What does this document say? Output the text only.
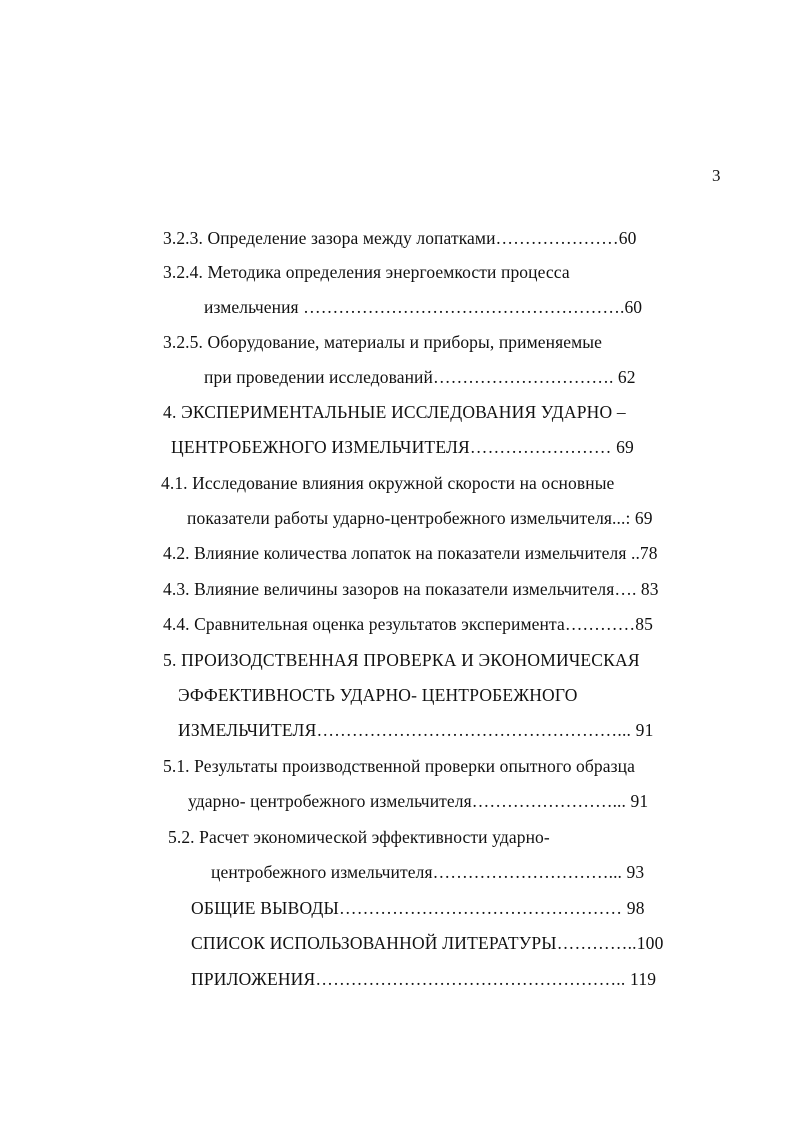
3
3.2.3. Определение зазора между лопатками…………………60
3.2.4. Методика определения энергоемкости процесса
измельчения ……………………………………………….60
3.2.5. Оборудование, материалы и приборы, применяемые
при проведении исследований…………………………. 62
4. ЭКСПЕРИМЕНТАЛЬНЫЕ ИССЛЕДОВАНИЯ УДАРНО –
ЦЕНТРОБЕЖНОГО ИЗМЕЛЬЧИТЕЛЯ…………………… 69
4.1. Исследование влияния окружной скорости на основные
показатели работы ударно-центробежного измельчителя...: 69
4.2. Влияние количества лопаток на показатели измельчителя ..78
4.3. Влияние величины зазоров на показатели измельчителя…. 83
4.4. Сравнительная оценка результатов эксперимента…………85
5. ПРОИЗОДСТВЕННАЯ ПРОВЕРКА И ЭКОНОМИЧЕСКАЯ
ЭФФЕКТИВНОСТЬ УДАРНО- ЦЕНТРОБЕЖНОГО
ИЗМЕЛЬЧИТЕЛЯ……………………………………………... 91
5.1. Результаты производственной проверки опытного образца
ударно- центробежного измельчителя……………………... 91
5.2. Расчет экономической эффективности ударно-
центробежного измельчителя…………………………... 93
ОБЩИЕ ВЫВОДЫ………………………………………… 98
СПИСОК ИСПОЛЬЗОВАННОЙ ЛИТЕРАТУРЫ…………..100
ПРИЛОЖЕНИЯ…………………………………………….. 119
